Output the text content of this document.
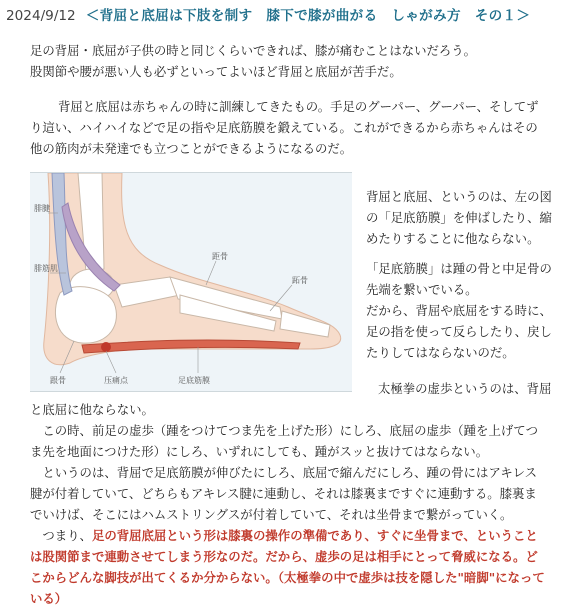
2024/9/12 ＜背屈と底屈は下肢を制す　膝下で膝が曲がる　しゃがみ方　その１＞
足の背屈・底屈が子供の時と同じくらいできれば、膝が痛むことはないだろう。
股関節や腰が悪い人も必ずといってよいほど背屈と底屈が苦手だ。
背屈と底屈は赤ちゃんの時に訓練してきたもの。手足のグーパー、グーパー、そしてず
り這い、ハイハイなどで足の指や足底筋膜を鍛えている。これができるから赤ちゃんはその
他の筋肉が未発達でも立つことができるようになるのだ。
腓腱
腓筋肌
距骨
跖骨
跟骨	压痛点	足底筋膜
背屈と底屈、というのは、左の図
の「足底筋膜」を伸ばしたり、縮
めたりすることに他ならない。
「足底筋膜」は踵の骨と中足骨の
先端を繋いでいる。
だから、背屈や底屈をする時に、
足の指を使って反らしたり、戻し
たりしてはならないのだ。
太極拳の虚歩というのは、背屈
と底屈に他ならない。
　この時、前足の虚歩（踵をつけてつま先を上げた形）にしろ、底屈の虚歩（踵を上げてつ
ま先を地面につけた形）にしろ、いずれにしても、踵がスッと抜けてはならない。
　というのは、背屈で足底筋膜が伸びたにしろ、底屈で縮んだにしろ、踵の骨にはアキレス
腱が付着していて、どちらもアキレス腱に連動し、それは膝裏まですぐに連動する。膝裏ま
でいけば、そこにはハムストリングスが付着していて、それは坐骨まで繋がっていく。
　つまり、足の背屈底屈という形は膝裏の操作の準備であり、すぐに坐骨まで、ということ
は股関節まで連動させてしまう形なのだ。だから、虚歩の足は相手にとって脅威になる。ど
こからどんな脚技が出てくるか分からない。（太極拳の中で虚歩は技を隠した"暗脚"になって
いる）
